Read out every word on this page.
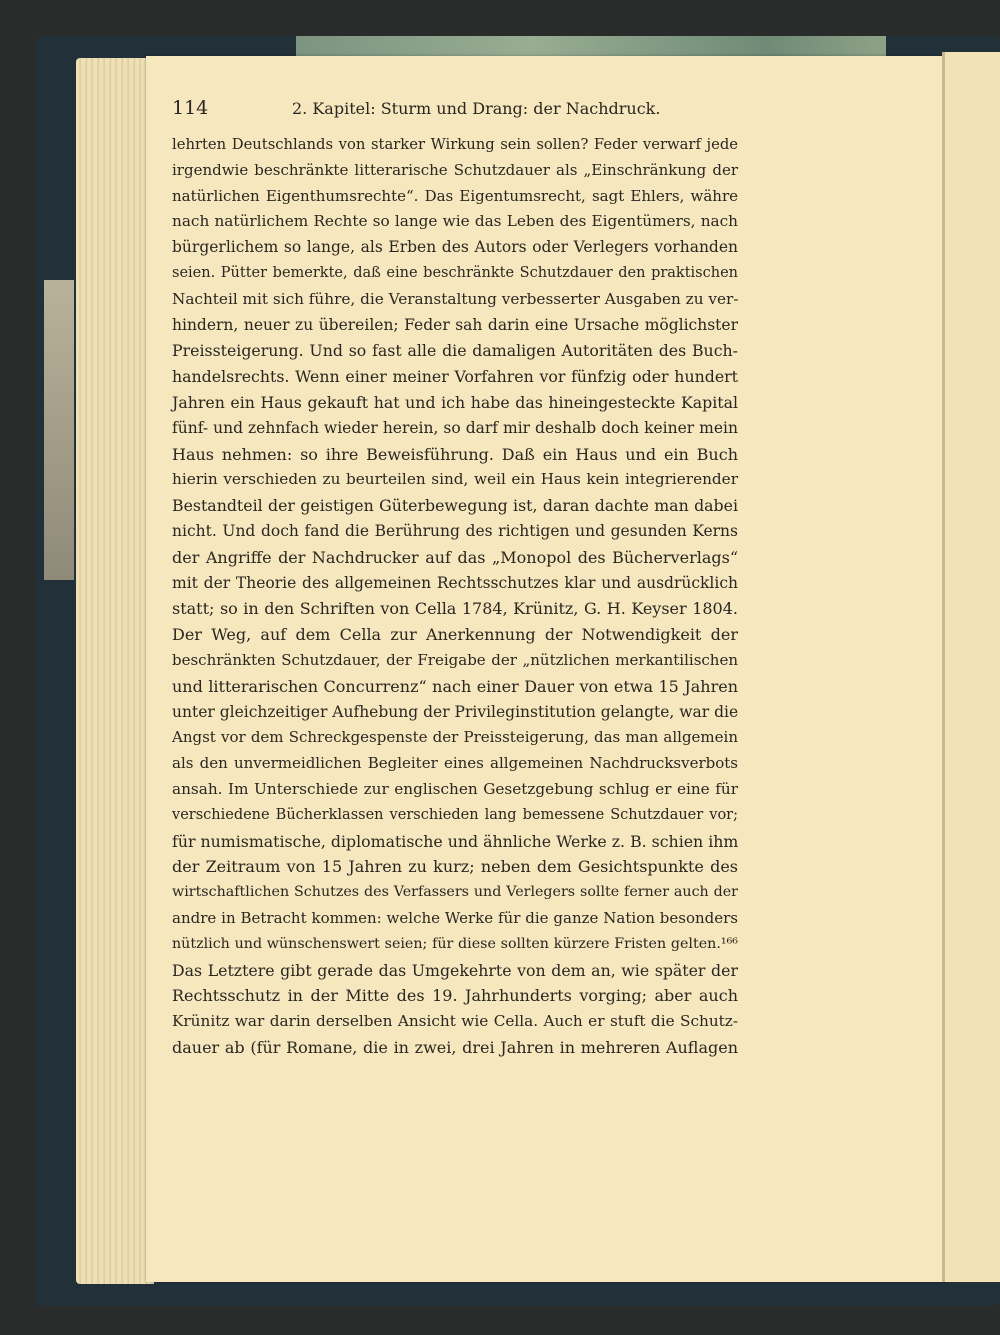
114	2. Kapitel: Sturm und Drang: der Nachdruck.
lehrten Deutschlands von starker Wirkung sein sollen? Feder verwarf jede
irgendwie beschränkte litterarische Schutzdauer als „Einschränkung der
natürlichen Eigenthumsrechte“. Das Eigentumsrecht, sagt Ehlers, währe
nach natürlichem Rechte so lange wie das Leben des Eigentümers, nach
bürgerlichem so lange, als Erben des Autors oder Verlegers vorhanden
seien. Pütter bemerkte, daß eine beschränkte Schutzdauer den praktischen
Nachteil mit sich führe, die Veranstaltung verbesserter Ausgaben zu ver-
hindern, neuer zu übereilen; Feder sah darin eine Ursache möglichster
Preissteigerung. Und so fast alle die damaligen Autoritäten des Buch-
handelsrechts. Wenn einer meiner Vorfahren vor fünfzig oder hundert
Jahren ein Haus gekauft hat und ich habe das hineingesteckte Kapital
fünf- und zehnfach wieder herein, so darf mir deshalb doch keiner mein
Haus nehmen: so ihre Beweisführung. Daß ein Haus und ein Buch
hierin verschieden zu beurteilen sind, weil ein Haus kein integrierender
Bestandteil der geistigen Güterbewegung ist, daran dachte man dabei
nicht. Und doch fand die Berührung des richtigen und gesunden Kerns
der Angriffe der Nachdrucker auf das „Monopol des Bücherverlags“
mit der Theorie des allgemeinen Rechtsschutzes klar und ausdrücklich
statt; so in den Schriften von Cella 1784, Krünitz, G. H. Keyser 1804.
Der Weg, auf dem Cella zur Anerkennung der Notwendigkeit der
beschränkten Schutzdauer, der Freigabe der „nützlichen merkantilischen
und litterarischen Concurrenz“ nach einer Dauer von etwa 15 Jahren
unter gleichzeitiger Aufhebung der Privileginstitution gelangte, war die
Angst vor dem Schreckgespenste der Preissteigerung, das man allgemein
als den unvermeidlichen Begleiter eines allgemeinen Nachdrucksverbots
ansah. Im Unterschiede zur englischen Gesetzgebung schlug er eine für
verschiedene Bücherklassen verschieden lang bemessene Schutzdauer vor;
für numismatische, diplomatische und ähnliche Werke z. B. schien ihm
der Zeitraum von 15 Jahren zu kurz; neben dem Gesichtspunkte des
wirtschaftlichen Schutzes des Verfassers und Verlegers sollte ferner auch der
andre in Betracht kommen: welche Werke für die ganze Nation besonders
nützlich und wünschenswert seien; für diese sollten kürzere Fristen gelten.¹⁶⁶
Das Letztere gibt gerade das Umgekehrte von dem an, wie später der
Rechtsschutz in der Mitte des 19. Jahrhunderts vorging; aber auch
Krünitz war darin derselben Ansicht wie Cella. Auch er stuft die Schutz-
dauer ab (für Romane, die in zwei, drei Jahren in mehreren Auflagen
